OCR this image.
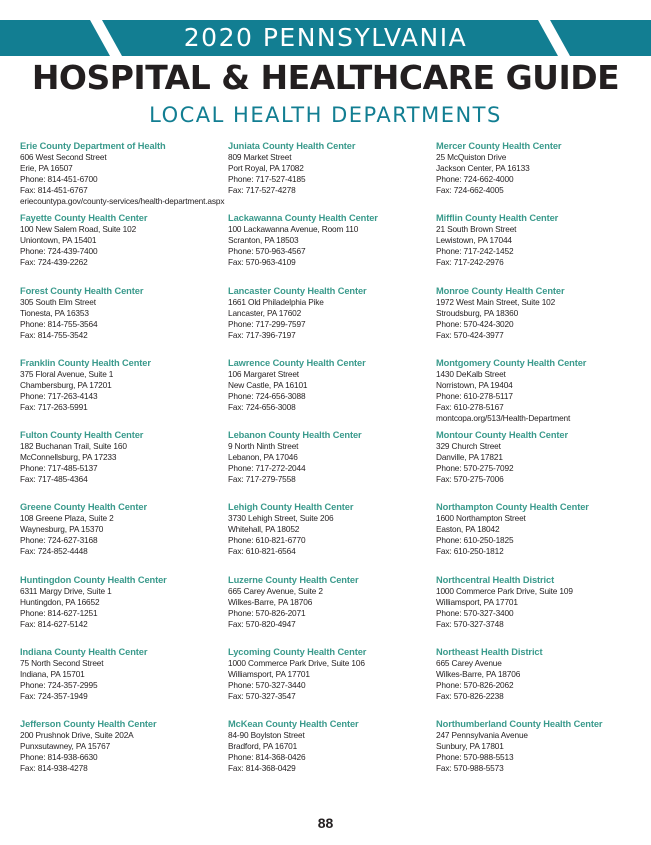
2020 PENNSYLVANIA
HOSPITAL & HEALTHCARE GUIDE
LOCAL HEALTH DEPARTMENTS
Erie County Department of Health
606 West Second Street
Erie, PA 16507
Phone: 814-451-6700
Fax: 814-451-6767
eriecountypa.gov/county-services/health-department.aspx
Fayette County Health Center
100 New Salem Road, Suite 102
Uniontown, PA 15401
Phone: 724-439-7400
Fax: 724-439-2262
Forest County Health Center
305 South Elm Street
Tionesta, PA 16353
Phone: 814-755-3564
Fax: 814-755-3542
Franklin County Health Center
375 Floral Avenue, Suite 1
Chambersburg, PA 17201
Phone: 717-263-4143
Fax: 717-263-5991
Fulton County Health Center
182 Buchanan Trail, Suite 160
McConnellsburg, PA 17233
Phone: 717-485-5137
Fax: 717-485-4364
Greene County Health Center
108 Greene Plaza, Suite 2
Waynesburg, PA 15370
Phone: 724-627-3168
Fax: 724-852-4448
Huntingdon County Health Center
6311 Margy Drive, Suite 1
Huntingdon, PA 16652
Phone: 814-627-1251
Fax: 814-627-5142
Indiana County Health Center
75 North Second Street
Indiana, PA 15701
Phone: 724-357-2995
Fax: 724-357-1949
Jefferson County Health Center
200 Prushnok Drive, Suite 202A
Punxsutawney, PA 15767
Phone: 814-938-6630
Fax: 814-938-4278
Juniata County Health Center
809 Market Street
Port Royal, PA 17082
Phone: 717-527-4185
Fax: 717-527-4278
Lackawanna County Health Center
100 Lackawanna Avenue, Room 110
Scranton, PA 18503
Phone: 570-963-4567
Fax: 570-963-4109
Lancaster County Health Center
1661 Old Philadelphia Pike
Lancaster, PA 17602
Phone: 717-299-7597
Fax: 717-396-7197
Lawrence County Health Center
106 Margaret Street
New Castle, PA 16101
Phone: 724-656-3088
Fax: 724-656-3008
Lebanon County Health Center
9 North Ninth Street
Lebanon, PA 17046
Phone: 717-272-2044
Fax: 717-279-7558
Lehigh County Health Center
3730 Lehigh Street, Suite 206
Whitehall, PA 18052
Phone: 610-821-6770
Fax: 610-821-6564
Luzerne County Health Center
665 Carey Avenue, Suite 2
Wilkes-Barre, PA 18706
Phone: 570-826-2071
Fax: 570-820-4947
Lycoming County Health Center
1000 Commerce Park Drive, Suite 106
Williamsport, PA 17701
Phone: 570-327-3440
Fax: 570-327-3547
McKean County Health Center
84-90 Boylston Street
Bradford, PA 16701
Phone: 814-368-0426
Fax: 814-368-0429
Mercer County Health Center
25 McQuiston Drive
Jackson Center, PA 16133
Phone: 724-662-4000
Fax: 724-662-4005
Mifflin County Health Center
21 South Brown Street
Lewistown, PA 17044
Phone: 717-242-1452
Fax: 717-242-2976
Monroe County Health Center
1972 West Main Street, Suite 102
Stroudsburg, PA 18360
Phone: 570-424-3020
Fax: 570-424-3977
Montgomery County Health Center
1430 DeKalb Street
Norristown, PA 19404
Phone: 610-278-5117
Fax: 610-278-5167
montcopa.org/513/Health-Department
Montour County Health Center
329 Church Street
Danville, PA 17821
Phone: 570-275-7092
Fax: 570-275-7006
Northampton County Health Center
1600 Northampton Street
Easton, PA 18042
Phone: 610-250-1825
Fax: 610-250-1812
Northcentral Health District
1000 Commerce Park Drive, Suite 109
Williamsport, PA 17701
Phone: 570-327-3400
Fax: 570-327-3748
Northeast Health District
665 Carey Avenue
Wilkes-Barre, PA 18706
Phone: 570-826-2062
Fax: 570-826-2238
Northumberland County Health Center
247 Pennsylvania Avenue
Sunbury, PA 17801
Phone: 570-988-5513
Fax: 570-988-5573
88
